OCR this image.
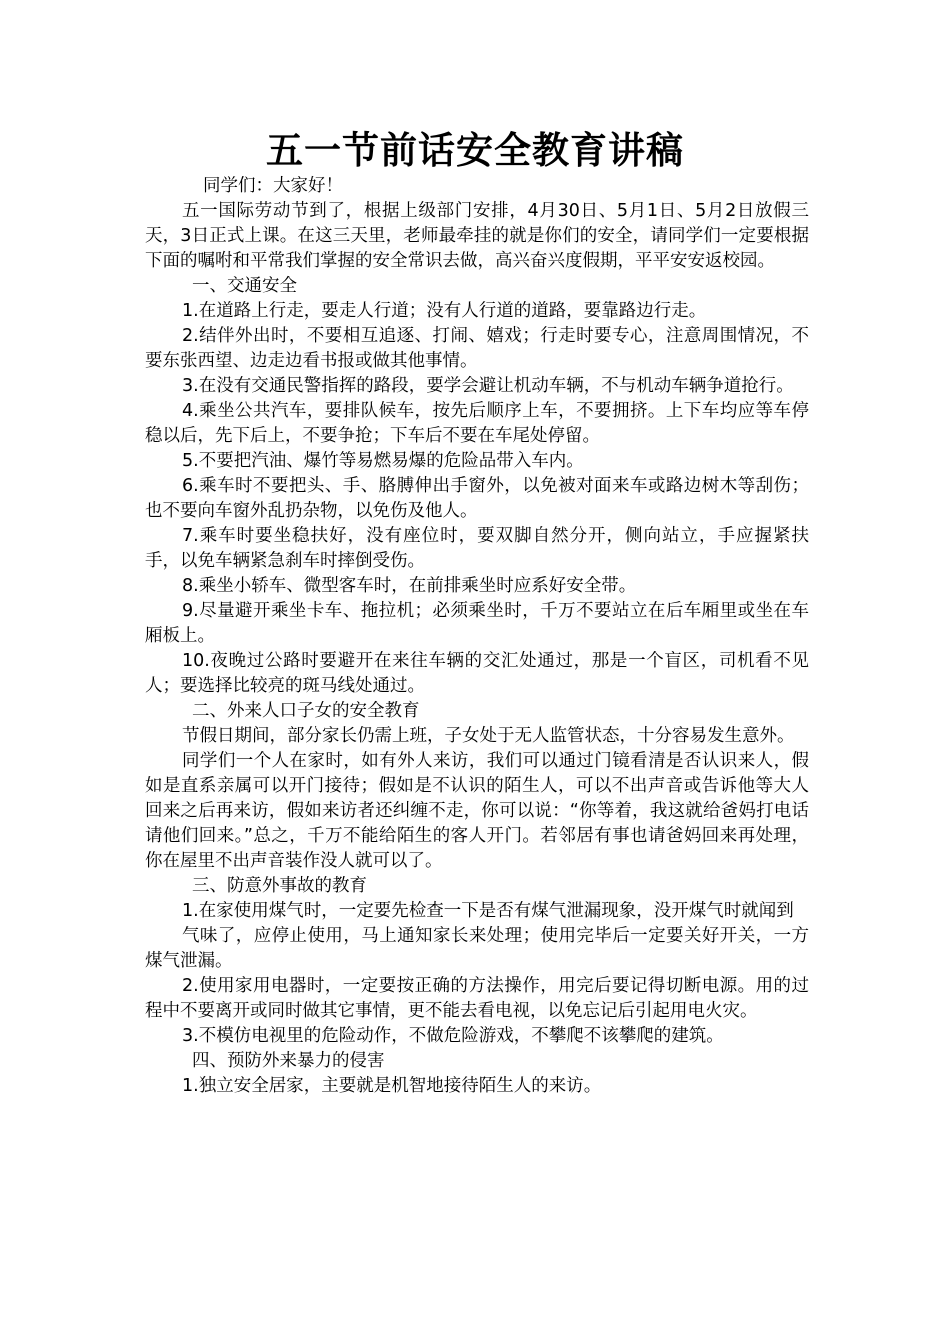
五一节前话安全教育讲稿

同学们：大家好！

五一国际劳动节到了，根据上级部门安排，4月30日、5月1日、5月2日放假三天，3日正式上课。在这三天里，老师最牵挂的就是你们的安全，请同学们一定要根据下面的嘱咐和平常我们掌握的安全常识去做，高兴奋兴度假期，平平安安返校园。

一、交通安全

1.在道路上行走，要走人行道；没有人行道的道路，要靠路边行走。

2.结伴外出时，不要相互追逐、打闹、嬉戏；行走时要专心，注意周围情况，不要东张西望、边走边看书报或做其他事情。

3.在没有交通民警指挥的路段，要学会避让机动车辆，不与机动车辆争道抢行。

4.乘坐公共汽车，要排队候车，按先后顺序上车，不要拥挤。上下车均应等车停稳以后，先下后上，不要争抢；下车后不要在车尾处停留。

5.不要把汽油、爆竹等易燃易爆的危险品带入车内。

6.乘车时不要把头、手、胳膊伸出手窗外，以免被对面来车或路边树木等刮伤；也不要向车窗外乱扔杂物，以免伤及他人。

7.乘车时要坐稳扶好，没有座位时，要双脚自然分开，侧向站立，手应握紧扶手，以免车辆紧急刹车时摔倒受伤。

8.乘坐小轿车、微型客车时，在前排乘坐时应系好安全带。

9.尽量避开乘坐卡车、拖拉机；必须乘坐时，千万不要站立在后车厢里或坐在车厢板上。

10.夜晚过公路时要避开在来往车辆的交汇处通过，那是一个盲区，司机看不见人；要选择比较亮的斑马线处通过。

二、外来人口子女的安全教育

节假日期间，部分家长仍需上班，子女处于无人监管状态，十分容易发生意外。

同学们一个人在家时，如有外人来访，我们可以通过门镜看清是否认识来人，假如是直系亲属可以开门接待；假如是不认识的陌生人，可以不出声音或告诉他等大人回来之后再来访，假如来访者还纠缠不走，你可以说：“你等着，我这就给爸妈打电话请他们回来。”总之，千万不能给陌生的客人开门。若邻居有事也请爸妈回来再处理，你在屋里不出声音装作没人就可以了。

三、防意外事故的教育

1.在家使用煤气时，一定要先检查一下是否有煤气泄漏现象，没开煤气时就闻到

气味了，应停止使用，马上通知家长来处理；使用完毕后一定要关好开关，一方煤气泄漏。

2.使用家用电器时，一定要按正确的方法操作，用完后要记得切断电源。用的过程中不要离开或同时做其它事情，更不能去看电视，以免忘记后引起用电火灾。

3.不模仿电视里的危险动作，不做危险游戏，不攀爬不该攀爬的建筑。

四、预防外来暴力的侵害

1.独立安全居家，主要就是机智地接待陌生人的来访。
